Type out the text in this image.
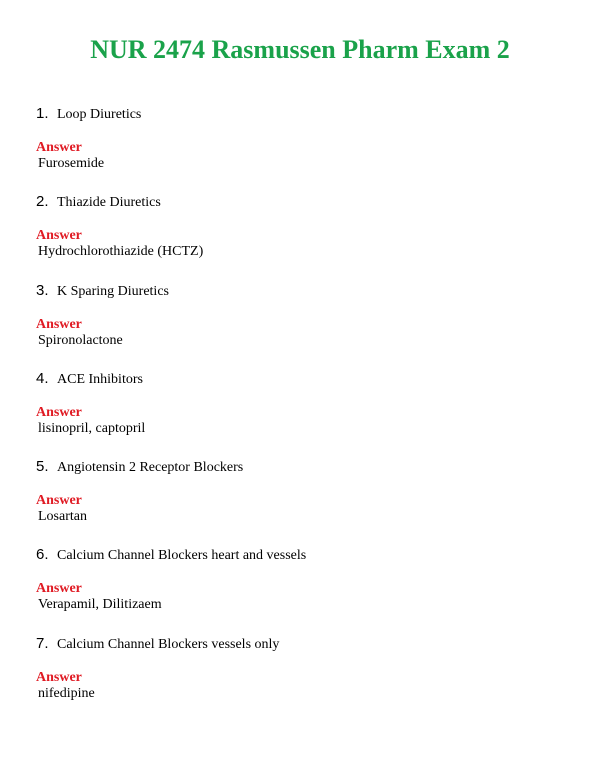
NUR 2474 Rasmussen Pharm Exam 2
1. Loop Diuretics
Answer
Furosemide
2. Thiazide Diuretics
Answer
Hydrochlorothiazide (HCTZ)
3. K Sparing Diuretics
Answer
Spironolactone
4. ACE Inhibitors
Answer
lisinopril, captopril
5. Angiotensin 2 Receptor Blockers
Answer
Losartan
6. Calcium Channel Blockers heart and vessels
Answer
Verapamil, Dilitizaem
7. Calcium Channel Blockers vessels only
Answer
nifedipine
